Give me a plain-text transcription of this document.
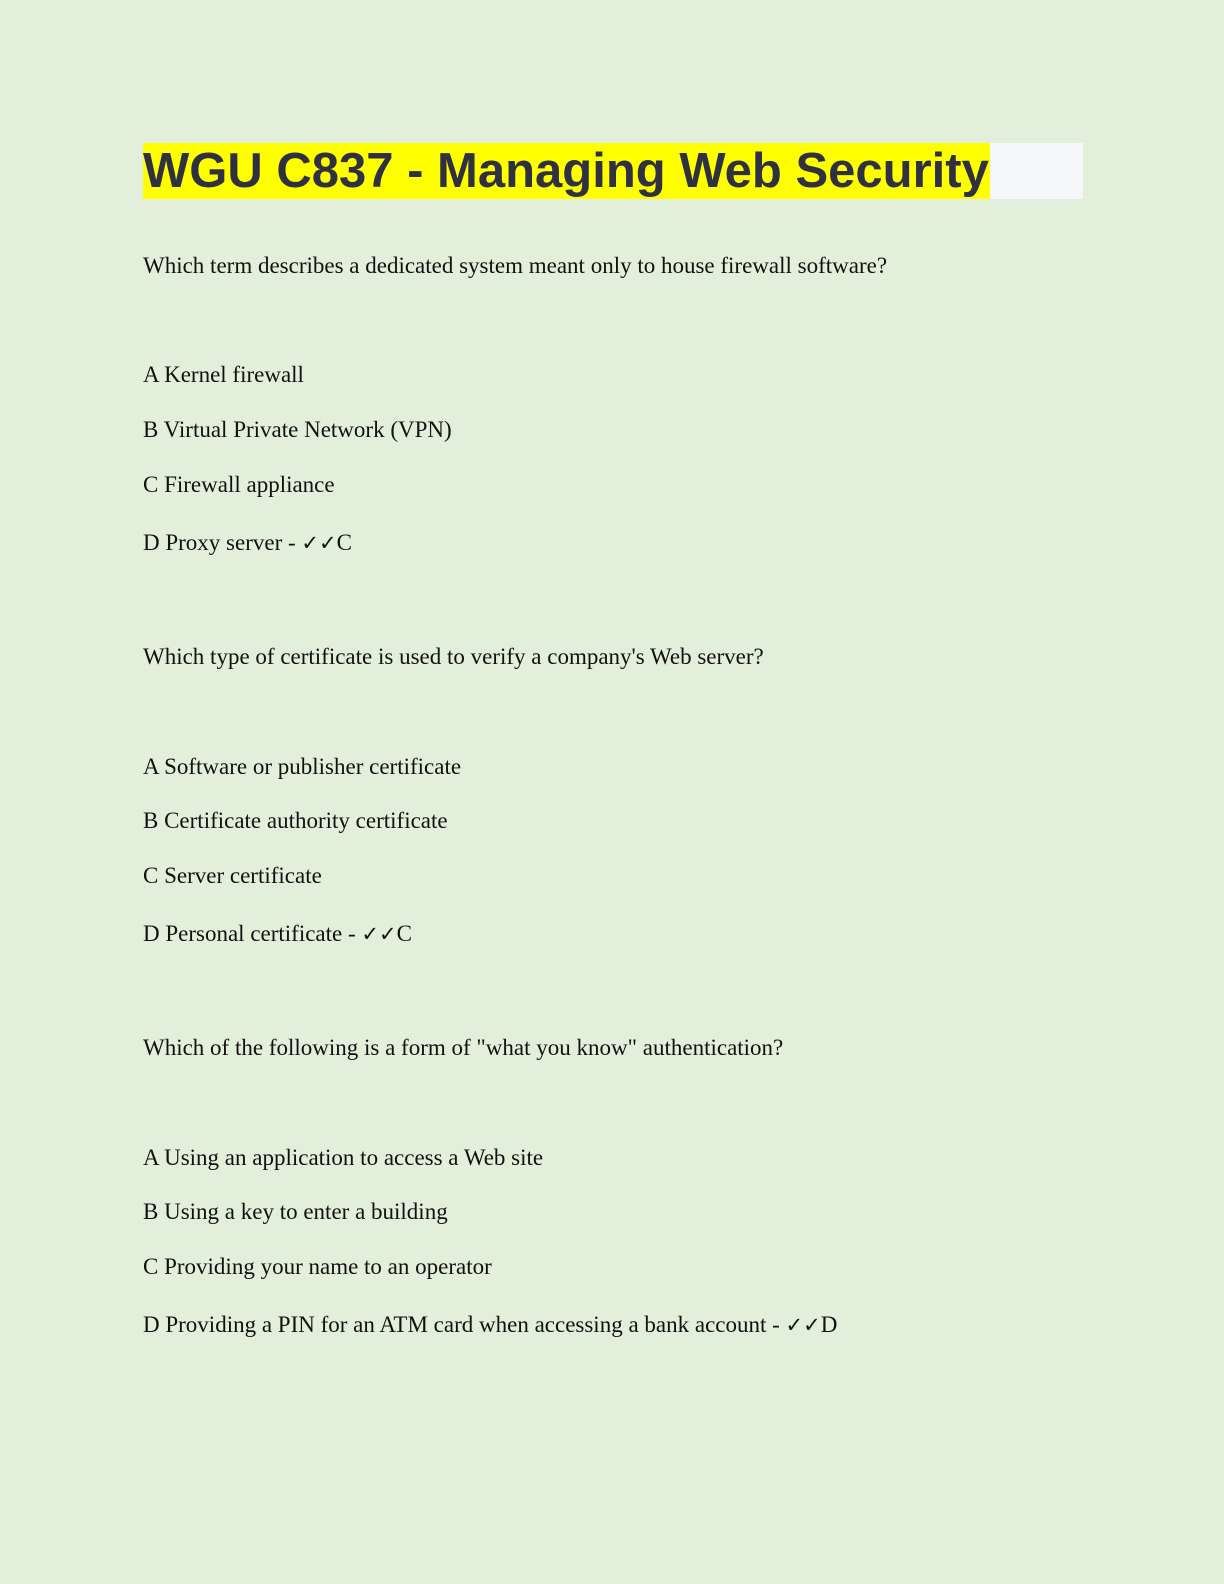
WGU C837 - Managing Web Security
Which term describes a dedicated system meant only to house firewall software?
A Kernel firewall
B Virtual Private Network (VPN)
C Firewall appliance
D Proxy server - ✓✓C
Which type of certificate is used to verify a company's Web server?
A Software or publisher certificate
B Certificate authority certificate
C Server certificate
D Personal certificate - ✓✓C
Which of the following is a form of "what you know" authentication?
A Using an application to access a Web site
B Using a key to enter a building
C Providing your name to an operator
D Providing a PIN for an ATM card when accessing a bank account - ✓✓D
